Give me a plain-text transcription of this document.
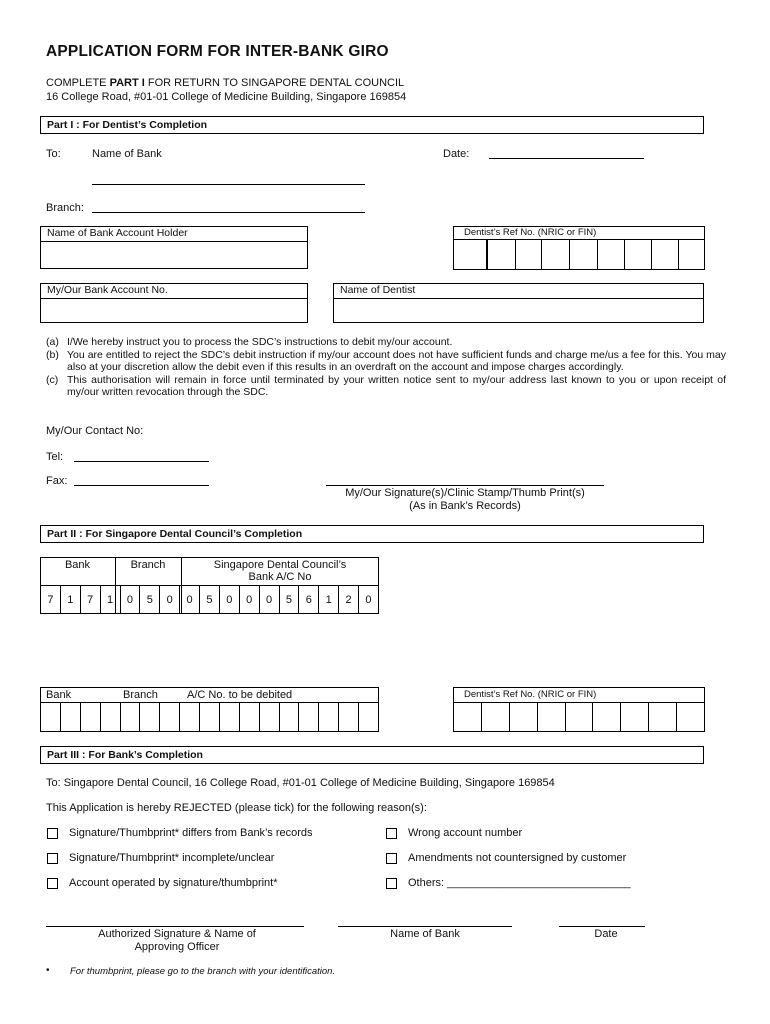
APPLICATION FORM FOR INTER-BANK GIRO
COMPLETE PART I FOR RETURN TO SINGAPORE DENTAL COUNCIL
16 College Road, #01-01 College of Medicine Building, Singapore 169854
Part I : For Dentist’s Completion
To:	Name of Bank	Date:
Branch:
Name of Bank Account Holder	Dentist’s Ref No. (NRIC or FIN)
My/Our Bank Account No.	Name of Dentist
(a) I/We hereby instruct you to process the SDC’s instructions to debit my/our account.
(b) You are entitled to reject the SDC’s debit instruction if my/our account does not have sufficient funds and charge me/us a fee for this. You may also at your discretion allow the debit even if this results in an overdraft on the account and impose charges accordingly.
(c) This authorisation will remain in force until terminated by your written notice sent to my/our address last known to you or upon receipt of my/our written revocation through the SDC.
My/Our Contact No:
Tel:
Fax:
My/Our Signature(s)/Clinic Stamp/Thumb Print(s)
(As in Bank’s Records)
Part II : For Singapore Dental Council’s Completion
Bank	Branch	Singapore Dental Council’s
Bank A/C No
7	1	7	1	0	5	0	0	5	0	0	0	5	6	1	2	0
Bank	Branch	A/C No. to be debited	Dentist’s Ref No. (NRIC or FIN)
Part III : For Bank’s Completion
To: Singapore Dental Council, 16 College Road, #01-01 College of Medicine Building, Singapore 169854
This Application is hereby REJECTED (please tick) for the following reason(s):
Signature/Thumbprint* differs from Bank’s records
Signature/Thumbprint* incomplete/unclear
Account operated by signature/thumbprint*
Wrong account number
Amendments not countersigned by customer
Others: ______________________________
Authorized Signature & Name of
Approving Officer
Name of Bank	Date
• For thumbprint, please go to the branch with your identification.
